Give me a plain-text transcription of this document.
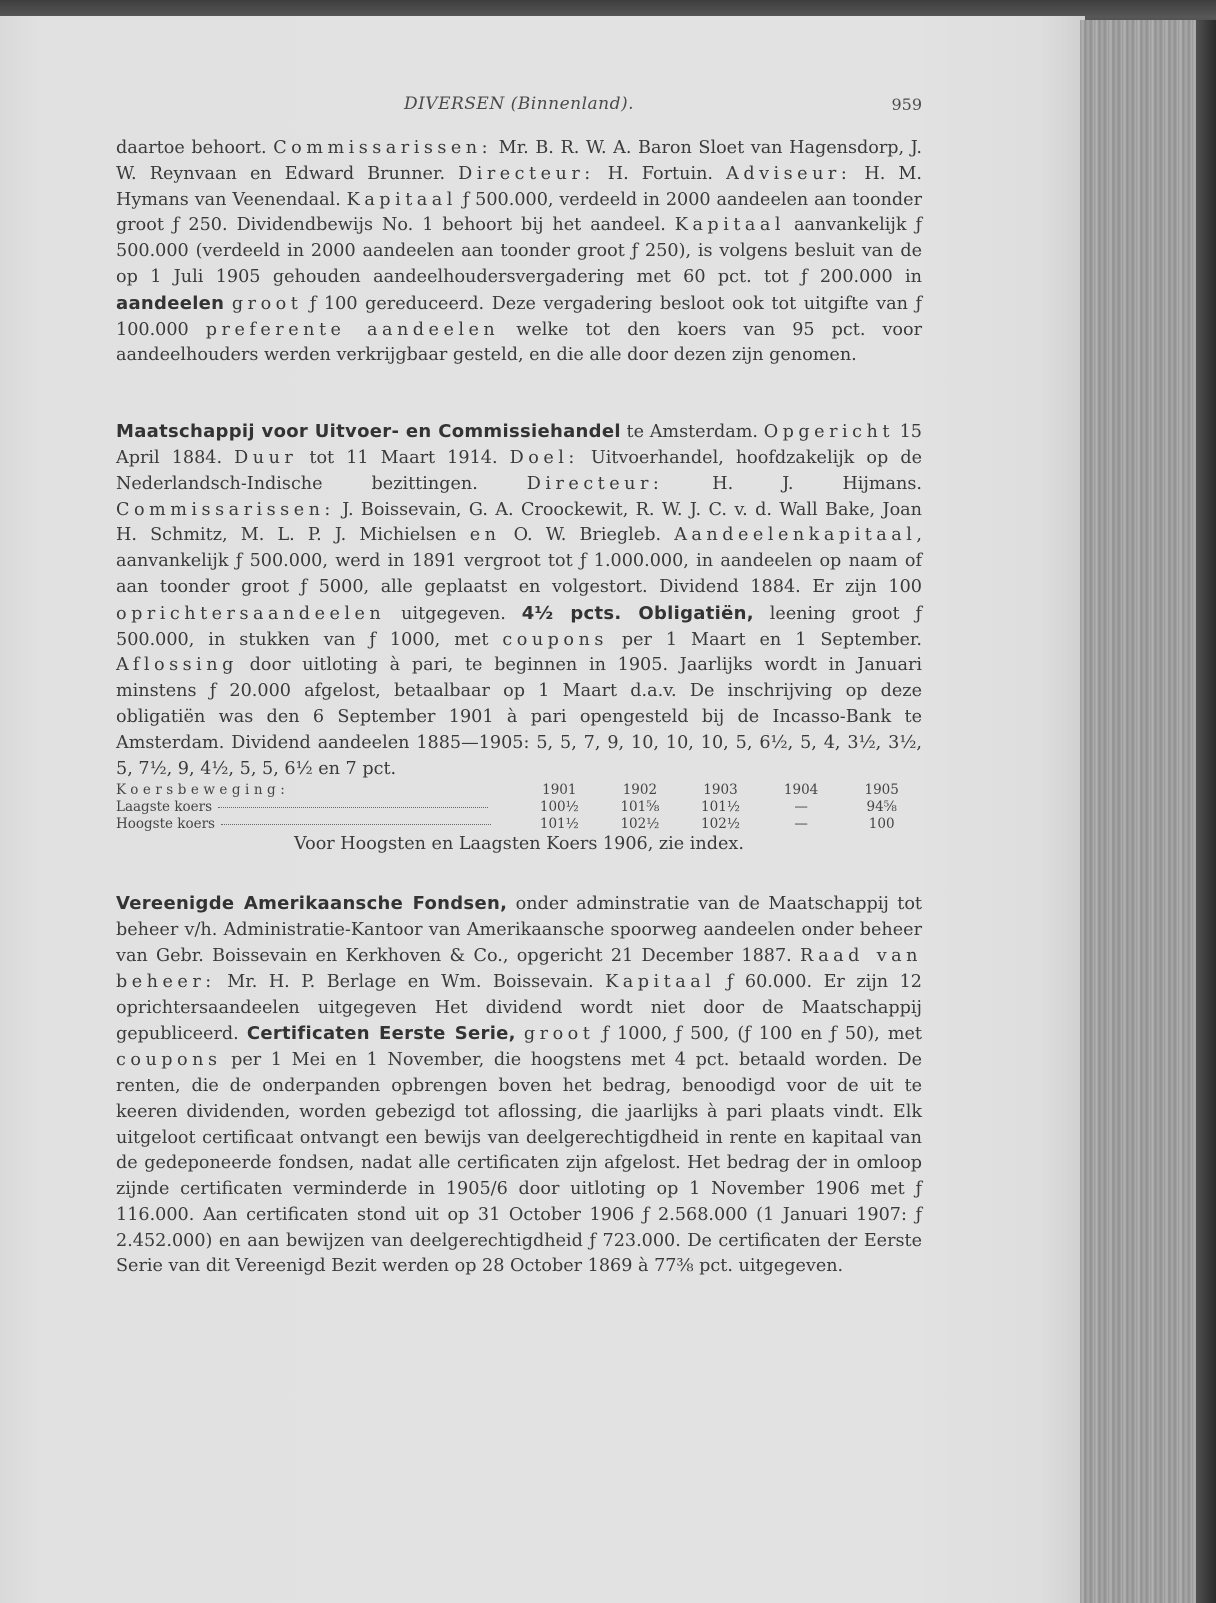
DIVERSEN (Binnenland).	959

daartoe behoort. Commissarissen: Mr. B. R. W. A. Baron Sloet van Hagensdorp, J. W. Reynvaan en Edward Brunner. Directeur: H. Fortuin. Adviseur: H. M. Hymans van Veenendaal. Kapitaal ƒ 500.000, verdeeld in 2000 aandeelen aan toonder groot ƒ 250. Dividendbewijs No. 1 behoort bij het aandeel. Kapitaal aanvankelijk ƒ 500.000 (verdeeld in 2000 aandeelen aan toonder groot ƒ 250), is volgens besluit van de op 1 Juli 1905 gehouden aandeelhoudersvergadering met 60 pct. tot ƒ 200.000 in aandeelen groot ƒ 100 gereduceerd. Deze vergadering besloot ook tot uitgifte van ƒ 100.000 preferente aandeelen welke tot den koers van 95 pct. voor aandeelhouders werden verkrijgbaar gesteld, en die alle door dezen zijn genomen.

Maatschappij voor Uitvoer- en Commissiehandel te Amsterdam. Opgericht 15 April 1884. Duur tot 11 Maart 1914. Doel: Uitvoerhandel, hoofdzakelijk op de Nederlandsch-Indische bezittingen. Directeur: H. J. Hijmans. Commissarissen: J. Boissevain, G. A. Croockewit, R. W. J. C. v. d. Wall Bake, Joan H. Schmitz, M. L. P. J. Michielsen en O. W. Briegleb. Aandeelenkapitaal, aanvankelijk ƒ 500.000, werd in 1891 vergroot tot ƒ 1.000.000, in aandeelen op naam of aan toonder groot ƒ 5000, alle geplaatst en volgestort. Dividend 1884. Er zijn 100 oprichtersaandeelen uitgegeven. 4½ pcts. Obligatiën, leening groot ƒ 500.000, in stukken van ƒ 1000, met coupons per 1 Maart en 1 September. Aflossing door uitloting à pari, te beginnen in 1905. Jaarlijks wordt in Januari minstens ƒ 20.000 afgelost, betaalbaar op 1 Maart d.a.v. De inschrijving op deze obligatiën was den 6 September 1901 à pari opengesteld bij de Incasso-Bank te Amsterdam. Dividend aandeelen 1885—1905: 5, 5, 7, 9, 10, 10, 10, 5, 6½, 5, 4, 3½, 3½, 5, 7½, 9, 4½, 5, 5, 6½ en 7 pct.

Koersbeweging:	1901	1902	1903	1904	1905
Laagste koers	100½	101⅝	101½	—	94⅝
Hoogste koers	101½	102½	102½	—	100
Voor Hoogsten en Laagsten Koers 1906, zie index.

Vereenigde Amerikaansche Fondsen, onder adminstratie van de Maatschappij tot beheer v/h. Administratie-Kantoor van Amerikaansche spoorweg aandeelen onder beheer van Gebr. Boissevain en Kerkhoven & Co., opgericht 21 December 1887. Raad van beheer: Mr. H. P. Berlage en Wm. Boissevain. Kapitaal ƒ 60.000. Er zijn 12 oprichtersaandeelen uitgegeven Het dividend wordt niet door de Maatschappij gepubliceerd. Certificaten Eerste Serie, groot ƒ 1000, ƒ 500, (ƒ 100 en ƒ 50), met coupons per 1 Mei en 1 November, die hoogstens met 4 pct. betaald worden. De renten, die de onderpanden opbrengen boven het bedrag, benoodigd voor de uit te keeren dividenden, worden gebezigd tot aflossing, die jaarlijks à pari plaats vindt. Elk uitgeloot certificaat ontvangt een bewijs van deelgerechtigdheid in rente en kapitaal van de gedeponeerde fondsen, nadat alle certificaten zijn afgelost. Het bedrag der in omloop zijnde certificaten verminderde in 1905/6 door uitloting op 1 November 1906 met ƒ 116.000. Aan certificaten stond uit op 31 October 1906 ƒ 2.568.000 (1 Januari 1907: ƒ 2.452.000) en aan bewijzen van deelgerechtigdheid ƒ 723.000. De certificaten der Eerste Serie van dit Vereenigd Bezit werden op 28 October 1869 à 77⅜ pct. uitgegeven.
